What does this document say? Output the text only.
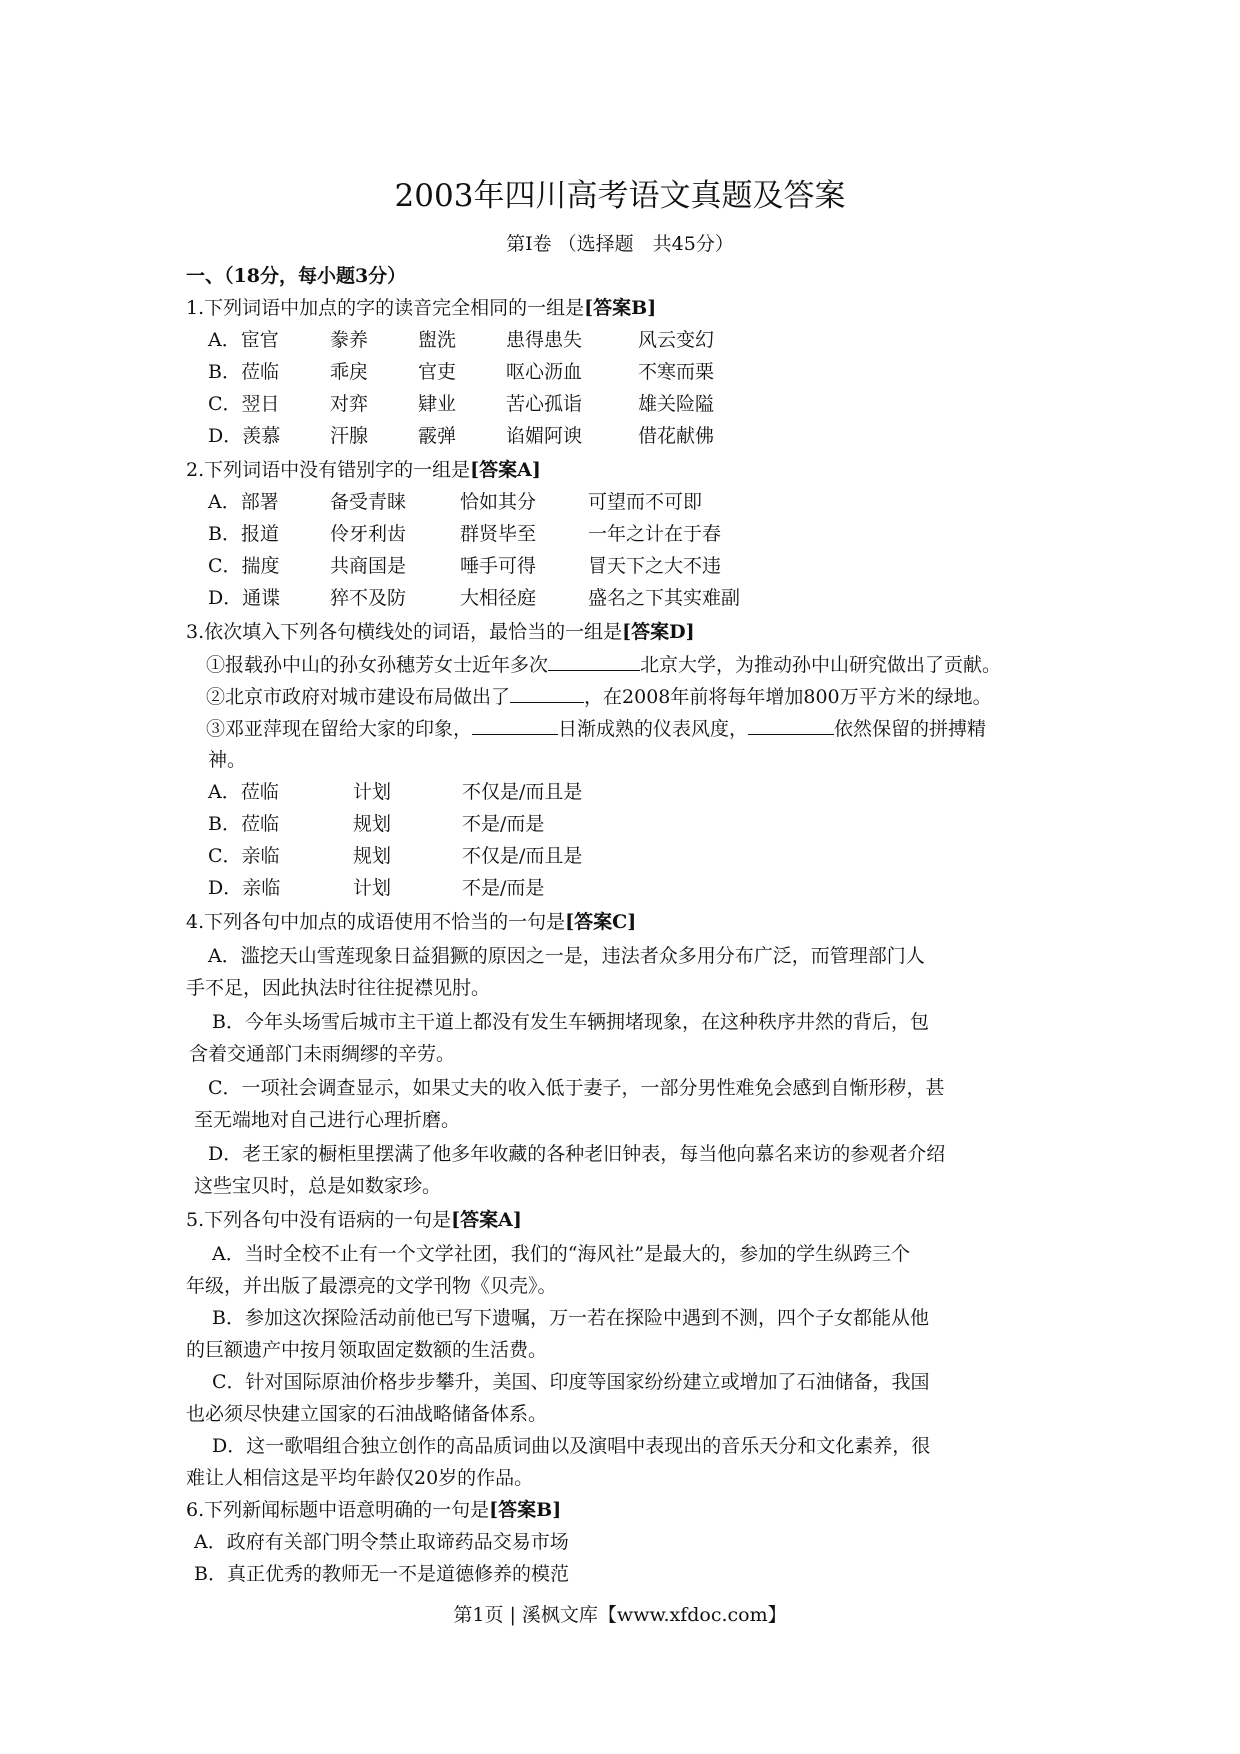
2003年四川高考语文真题及答案
第Ⅰ卷 （选择题　共45分）
一、（18分，每小题3分）
1.下列词语中加点的字的读音完全相同的一组是[答案B]
A．宦官	豢养	盥洗	患得患失	风云变幻
B．莅临	乖戾	官吏	呕心沥血	不寒而栗
C．翌日	对弈	肄业	苦心孤诣	雄关险隘
D．羡慕	汗腺	霰弹	谄媚阿谀	借花献佛
2.下列词语中没有错别字的一组是[答案A]
A．部署	备受青睐	恰如其分	可望而不可即
B．报道	伶牙利齿	群贤毕至	一年之计在于春
C．揣度	共商国是	唾手可得	冒天下之大不违
D．通谍	猝不及防	大相径庭	盛名之下其实难副
3.依次填入下列各句横线处的词语，最恰当的一组是[答案D]
①报载孙中山的孙女孙穗芳女士近年多次	北京大学，为推动孙中山研究做出了贡献。
②北京市政府对城市建设布局做出了	，在2008年前将每年增加800万平方米的绿地。
③邓亚萍现在留给大家的印象，	日渐成熟的仪表风度，	依然保留的拼搏精
神。
A．莅临	计划	不仅是/而且是
B．莅临	规划	不是/而是
C．亲临	规划	不仅是/而且是
D．亲临	计划	不是/而是
4.下列各句中加点的成语使用不恰当的一句是[答案C]
A．滥挖天山雪莲现象日益猖獗的原因之一是，违法者众多用分布广泛，而管理部门人
手不足，因此执法时往往捉襟见肘。
B．今年头场雪后城市主干道上都没有发生车辆拥堵现象，在这种秩序井然的背后，包
含着交通部门未雨绸缪的辛劳。
C．一项社会调查显示，如果丈夫的收入低于妻子，一部分男性难免会感到自惭形秽，甚
至无端地对自己进行心理折磨。
D．老王家的橱柜里摆满了他多年收藏的各种老旧钟表，每当他向慕名来访的参观者介绍
这些宝贝时，总是如数家珍。
5.下列各句中没有语病的一句是[答案A]
A．当时全校不止有一个文学社团，我们的“海风社”是最大的，参加的学生纵跨三个
年级，并出版了最漂亮的文学刊物《贝壳》。
B．参加这次探险活动前他已写下遗嘱，万一若在探险中遇到不测，四个子女都能从他
的巨额遗产中按月领取固定数额的生活费。
C．针对国际原油价格步步攀升，美国、印度等国家纷纷建立或增加了石油储备，我国
也必须尽快建立国家的石油战略储备体系。
D．这一歌唱组合独立创作的高品质词曲以及演唱中表现出的音乐天分和文化素养，很
难让人相信这是平均年龄仅20岁的作品。
6.下列新闻标题中语意明确的一句是[答案B]
A．政府有关部门明令禁止取谛药品交易市场
B．真正优秀的教师无一不是道德修养的模范
第1页 | 溪枫文库【www.xfdoc.com】
